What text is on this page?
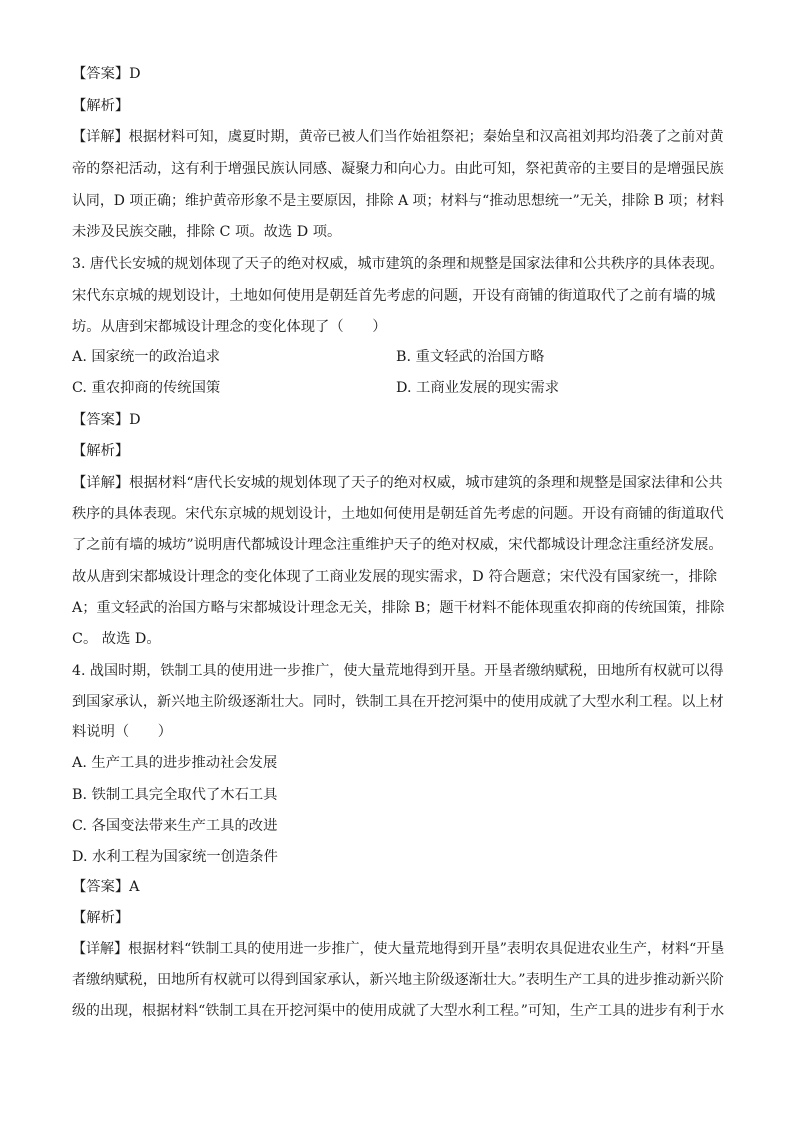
【答案】D
【解析】
【详解】根据材料可知，虞夏时期，黄帝已被人们当作始祖祭祀；秦始皇和汉高祖刘邦均沿袭了之前对黄
帝的祭祀活动，这有利于增强民族认同感、凝聚力和向心力。由此可知，祭祀黄帝的主要目的是增强民族
认同，D 项正确；维护黄帝形象不是主要原因，排除 A 项；材料与“推动思想统一”无关，排除 B 项；材料
未涉及民族交融，排除 C 项。故选 D 项。
3. 唐代长安城的规划体现了天子的绝对权威，城市建筑的条理和规整是国家法律和公共秩序的具体表现。
宋代东京城的规划设计，土地如何使用是朝廷首先考虑的问题，开设有商铺的街道取代了之前有墙的城
坊。从唐到宋都城设计理念的变化体现了（　　）
A. 国家统一的政治追求	B. 重文轻武的治国方略
C. 重农抑商的传统国策	D. 工商业发展的现实需求
【答案】D
【解析】
【详解】根据材料“唐代长安城的规划体现了天子的绝对权威，城市建筑的条理和规整是国家法律和公共
秩序的具体表现。宋代东京城的规划设计，土地如何使用是朝廷首先考虑的问题。开设有商铺的街道取代
了之前有墙的城坊”说明唐代都城设计理念注重维护天子的绝对权威，宋代都城设计理念注重经济发展。
故从唐到宋都城设计理念的变化体现了工商业发展的现实需求，D 符合题意；宋代没有国家统一，排除
A；重文轻武的治国方略与宋都城设计理念无关，排除 B；题干材料不能体现重农抑商的传统国策，排除
C。 故选 D。
4. 战国时期，铁制工具的使用进一步推广，使大量荒地得到开垦。开垦者缴纳赋税，田地所有权就可以得
到国家承认，新兴地主阶级逐渐壮大。同时，铁制工具在开挖河渠中的使用成就了大型水利工程。以上材
料说明（　　）
A. 生产工具的进步推动社会发展
B. 铁制工具完全取代了木石工具
C. 各国变法带来生产工具的改进
D. 水利工程为国家统一创造条件
【答案】A
【解析】
【详解】根据材料“铁制工具的使用进一步推广，使大量荒地得到开垦”表明农具促进农业生产，材料“开垦
者缴纳赋税，田地所有权就可以得到国家承认，新兴地主阶级逐渐壮大。”表明生产工具的进步推动新兴阶
级的出现，根据材料“铁制工具在开挖河渠中的使用成就了大型水利工程。”可知，生产工具的进步有利于水
